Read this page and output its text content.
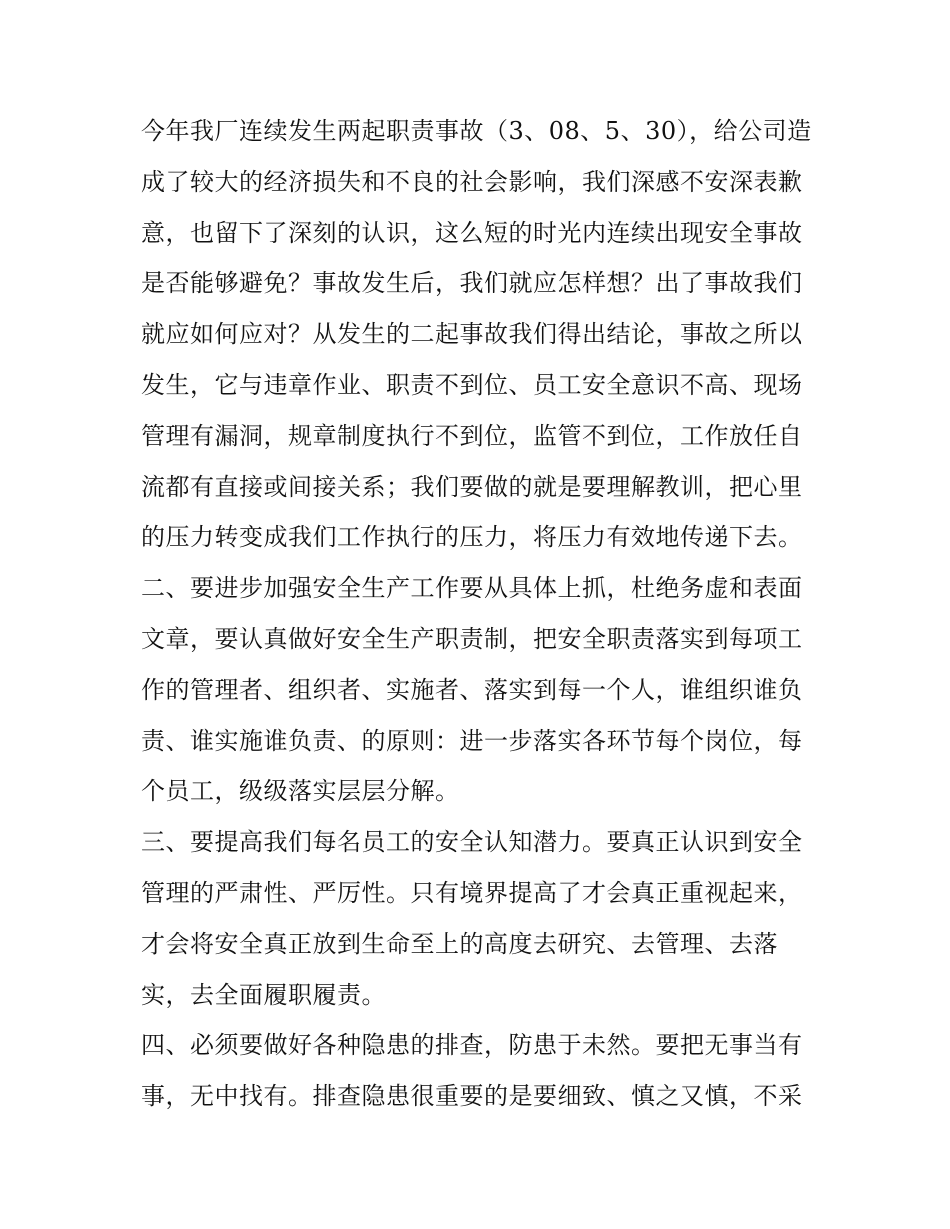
今年我厂连续发生两起职责事故（3、08、5、30），给公司造
成了较大的经济损失和不良的社会影响，我们深感不安深表歉
意，也留下了深刻的认识，这么短的时光内连续出现安全事故
是否能够避免？事故发生后，我们就应怎样想？出了事故我们
就应如何应对？从发生的二起事故我们得出结论，事故之所以
发生，它与违章作业、职责不到位、员工安全意识不高、现场
管理有漏洞，规章制度执行不到位，监管不到位，工作放任自
流都有直接或间接关系；我们要做的就是要理解教训，把心里
的压力转变成我们工作执行的压力，将压力有效地传递下去。
二、要进步加强安全生产工作要从具体上抓，杜绝务虚和表面
文章，要认真做好安全生产职责制，把安全职责落实到每项工
作的管理者、组织者、实施者、落实到每一个人，谁组织谁负
责、谁实施谁负责、的原则：进一步落实各环节每个岗位，每
个员工，级级落实层层分解。
三、要提高我们每名员工的安全认知潜力。要真正认识到安全
管理的严肃性、严厉性。只有境界提高了才会真正重视起来，
才会将安全真正放到生命至上的高度去研究、去管理、去落
实，去全面履职履责。
四、必须要做好各种隐患的排查，防患于未然。要把无事当有
事，无中找有。排查隐患很重要的是要细致、慎之又慎，不采
